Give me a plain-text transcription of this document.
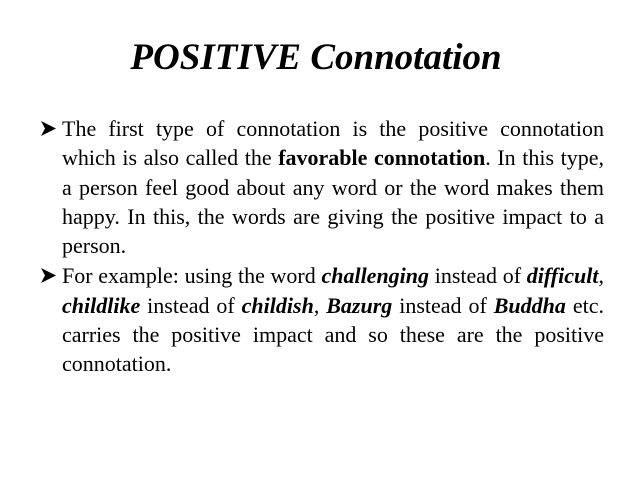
POSITIVE Connotation
The first type of connotation is the positive connotation which is also called the favorable connotation. In this type, a person feel good about any word or the word makes them happy. In this, the words are giving the positive impact to a person.
For example: using the word challenging instead of difficult, childlike instead of childish, Bazurg instead of Buddha etc. carries the positive impact and so these are the positive connotation.
